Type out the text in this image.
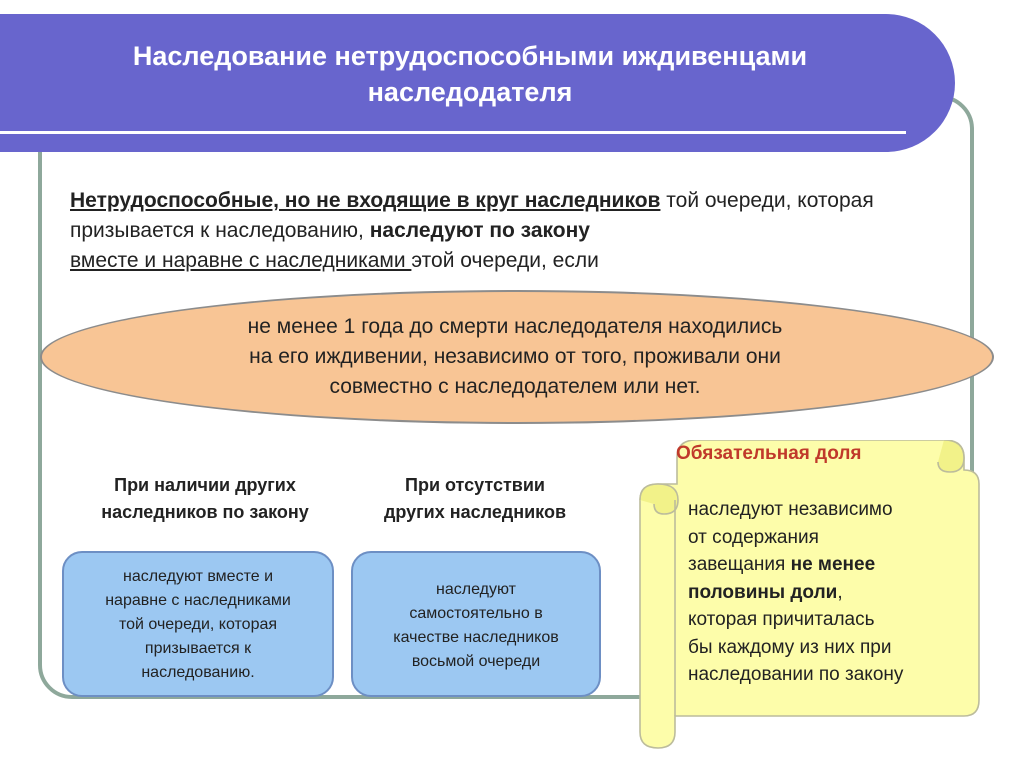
Наследование нетрудоспособными иждивенцами
наследодателя
Нетрудоспособные, но не входящие в круг наследников той очереди, которая призывается к наследованию, наследуют по закону
вместе и наравне с наследниками этой очереди, если
не менее 1 года до смерти наследодателя находились
на его иждивении, независимо от того, проживали они
совместно с наследодателем или нет.
При наличии других
наследников по закону
наследуют вместе и
наравне с наследниками
той очереди, которая
призывается к
наследованию.
При отсутствии
других наследников
наследуют
самостоятельно в
качестве наследников
восьмой очереди
Обязательная доля
наследуют независимо
от содержания
завещания не менее
половины доли,
которая причиталась
бы каждому из них при
наследовании по закону
